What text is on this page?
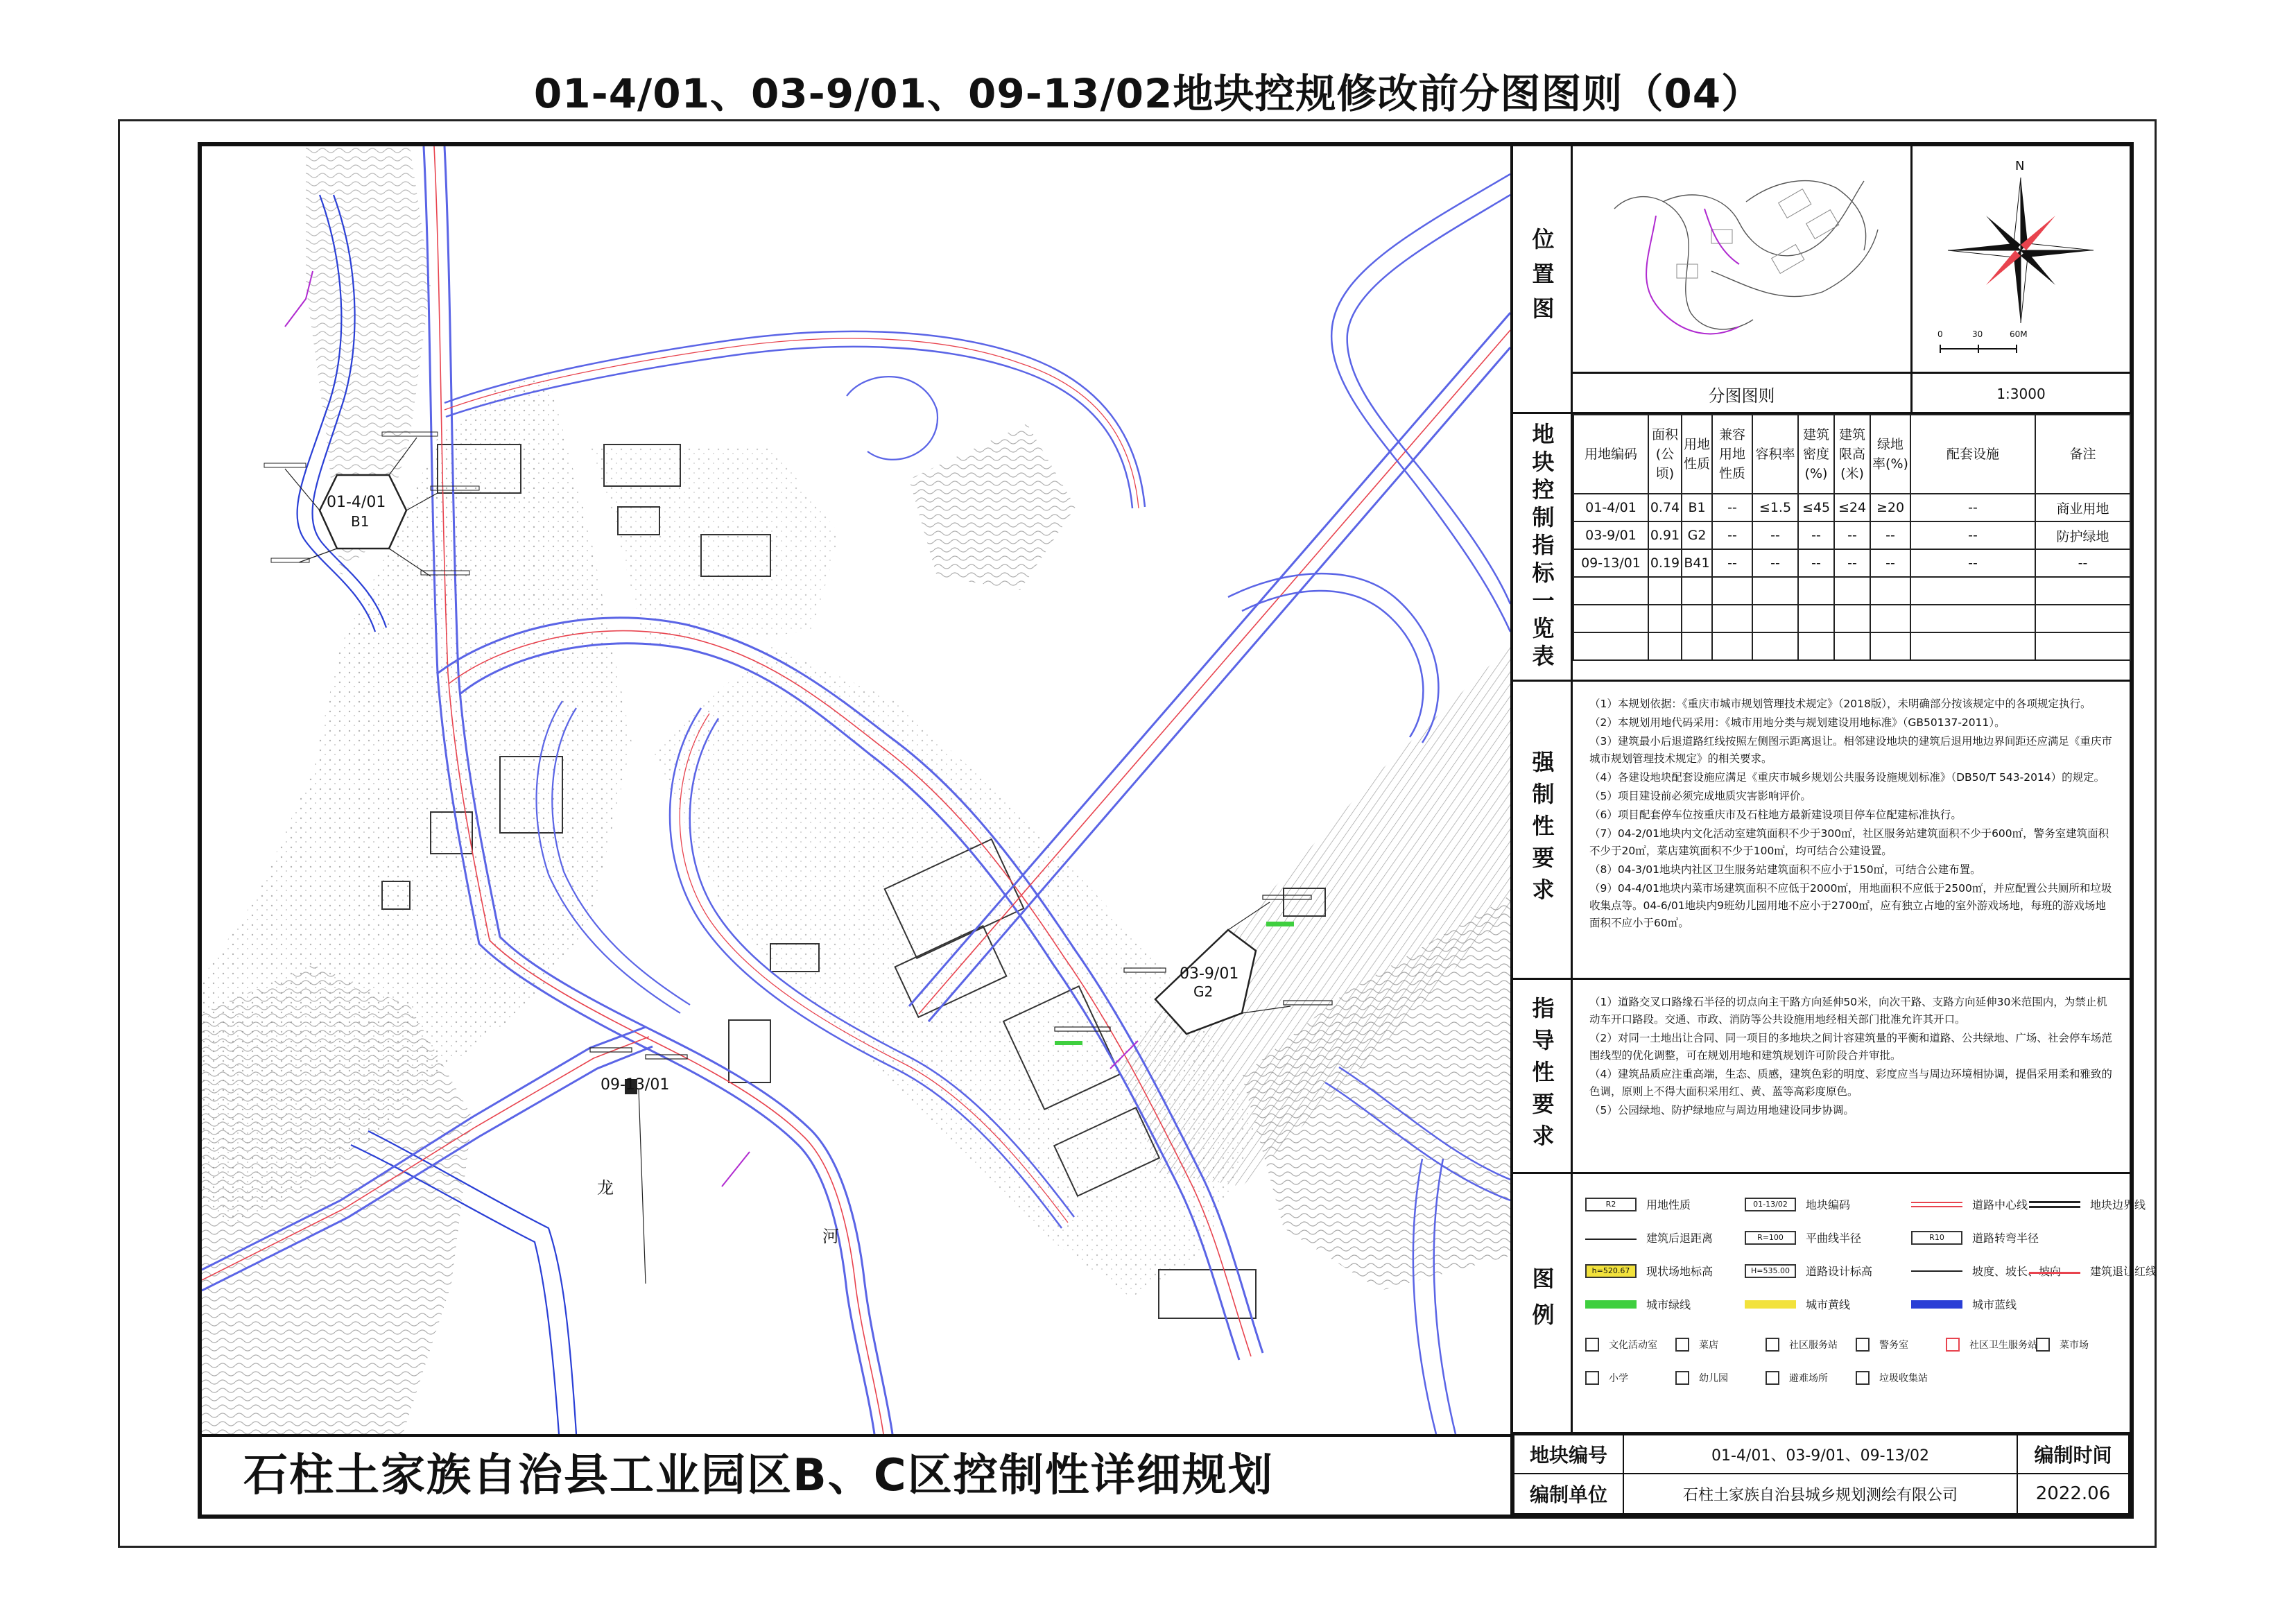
01-4/01、03-9/01、09-13/02地块控规修改前分图图则（04）
01-4/01
B1
03-9/01
G2
09-13/01
龙
河
石柱土家族自治县工业园区B、C区控制性详细规划
位置图
N
0	30	60M
分图图则	1:3000
地块控制指标一览表	用地编码	面积(公顷)	用地性质	兼容用地性质	容积率	建筑密度(%)	建筑限高(米)	绿地率(%)	配套设施	备注
01-4/01	0.74	B1	--	≤1.5	≤45	≤24	≥20	--	商业用地
03-9/01	0.91	G2	--	--	--	--	--	--	防护绿地
09-13/01	0.19	B41	--	--	--	--	--	--	--

强制性要求
（1）本规划依据：《重庆市城市规划管理技术规定》（2018版），未明确部分按该规定中的各项规定执行。
（2）本规划用地代码采用：《城市用地分类与规划建设用地标准》（GB50137-2011）。
（3）建筑最小后退道路红线按照左侧图示距离退让。相邻建设地块的建筑后退用地边界间距还应满足《重庆市城市规划管理技术规定》的相关要求。
（4）各建设地块配套设施应满足《重庆市城乡规划公共服务设施规划标准》（DB50/T 543-2014）的规定。
（5）项目建设前必须完成地质灾害影响评价。
（6）项目配套停车位按重庆市及石柱地方最新建设项目停车位配建标准执行。
（7）04-2/01地块内文化活动室建筑面积不少于300㎡，社区服务站建筑面积不少于600㎡，警务室建筑面积不少于20㎡，菜店建筑面积不少于100㎡，均可结合公建设置。
（8）04-3/01地块内社区卫生服务站建筑面积不应小于150㎡，可结合公建布置。
（9）04-4/01地块内菜市场建筑面积不应低于2000㎡，用地面积不应低于2500㎡，并应配置公共厕所和垃圾收集点等。04-6/01地块内9班幼儿园用地不应小于2700㎡，应有独立占地的室外游戏场地，每班的游戏场地面积不应小于60㎡。
指导性要求	（1）道路交叉口路缘石半径的切点向主干路方向延伸50米，向次干路、支路方向延伸30米范围内，为禁止机动车开口路段。交通、市政、消防等公共设施用地经相关部门批准允许其开口。
（2）对同一土地出让合同、同一项目的多地块之间计容建筑量的平衡和道路、公共绿地、广场、社会停车场范围线型的优化调整，可在规划用地和建筑规划许可阶段合并审批。
（4）建筑品质应注重高端，生态、质感，建筑色彩的明度、彩度应当与周边环境相协调，提倡采用柔和雅致的色调，原则上不得大面积采用红、黄、蓝等高彩度原色。
（5）公园绿地、防护绿地应与周边用地建设同步协调。
图例
R2	用地性质	01-13/02	地块编码	道路中心线	地块边界线
建筑后退距离	R=100	平曲线半径	R10	道路转弯半径
h=520.67	现状场地标高	H=535.00	道路设计标高	坡度、坡长、坡向	建筑退让红线
城市绿线	城市黄线	城市蓝线
文化活动室	菜店	社区服务站	警务室	社区卫生服务站 菜市场
小学	幼儿园	避难场所	垃圾收集站
地块编号	01-4/01、03-9/01、09-13/02	编制时间
编制单位	石柱土家族自治县城乡规划测绘有限公司	2022.06
